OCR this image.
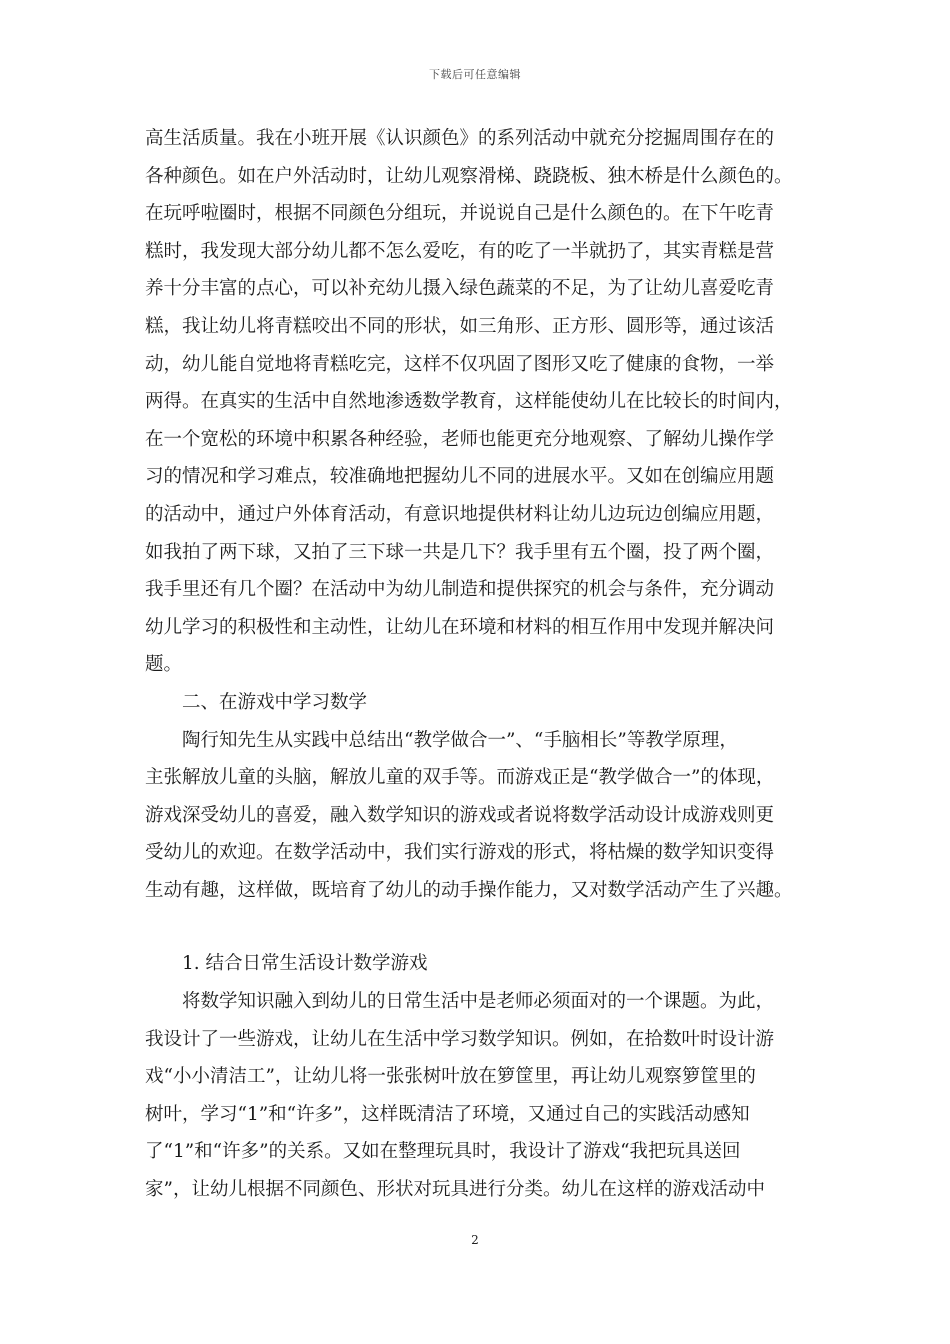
下载后可任意编辑
高生活质量。我在小班开展《认识颜色》的系列活动中就充分挖掘周围存在的
各种颜色。如在户外活动时，让幼儿观察滑梯、跷跷板、独木桥是什么颜色的。
在玩呼啦圈时，根据不同颜色分组玩，并说说自己是什么颜色的。在下午吃青
糕时，我发现大部分幼儿都不怎么爱吃，有的吃了一半就扔了，其实青糕是营
养十分丰富的点心，可以补充幼儿摄入绿色蔬菜的不足，为了让幼儿喜爱吃青
糕，我让幼儿将青糕咬出不同的形状，如三角形、正方形、圆形等，通过该活
动，幼儿能自觉地将青糕吃完，这样不仅巩固了图形又吃了健康的食物，一举
两得。在真实的生活中自然地渗透数学教育，这样能使幼儿在比较长的时间内，
在一个宽松的环境中积累各种经验，老师也能更充分地观察、了解幼儿操作学
习的情况和学习难点，较准确地把握幼儿不同的进展水平。又如在创编应用题
的活动中，通过户外体育活动，有意识地提供材料让幼儿边玩边创编应用题，
如我拍了两下球，又拍了三下球一共是几下？我手里有五个圈，投了两个圈，
我手里还有几个圈？在活动中为幼儿制造和提供探究的机会与条件，充分调动
幼儿学习的积极性和主动性，让幼儿在环境和材料的相互作用中发现并解决问
题。
二、在游戏中学习数学
陶行知先生从实践中总结出“教学做合一”、“手脑相长”等教学原理，
主张解放儿童的头脑，解放儿童的双手等。而游戏正是“教学做合一”的体现，
游戏深受幼儿的喜爱，融入数学知识的游戏或者说将数学活动设计成游戏则更
受幼儿的欢迎。在数学活动中，我们实行游戏的形式，将枯燥的数学知识变得
生动有趣，这样做，既培育了幼儿的动手操作能力，又对数学活动产生了兴趣。
1. 结合日常生活设计数学游戏
将数学知识融入到幼儿的日常生活中是老师必须面对的一个课题。为此，
我设计了一些游戏，让幼儿在生活中学习数学知识。例如，在拾数叶时设计游
戏“小小清洁工”，让幼儿将一张张树叶放在箩筐里，再让幼儿观察箩筐里的
树叶，学习“1”和“许多”，这样既清洁了环境，又通过自己的实践活动感知
了“1”和“许多”的关系。又如在整理玩具时，我设计了游戏“我把玩具送回
家”，让幼儿根据不同颜色、形状对玩具进行分类。幼儿在这样的游戏活动中
2
